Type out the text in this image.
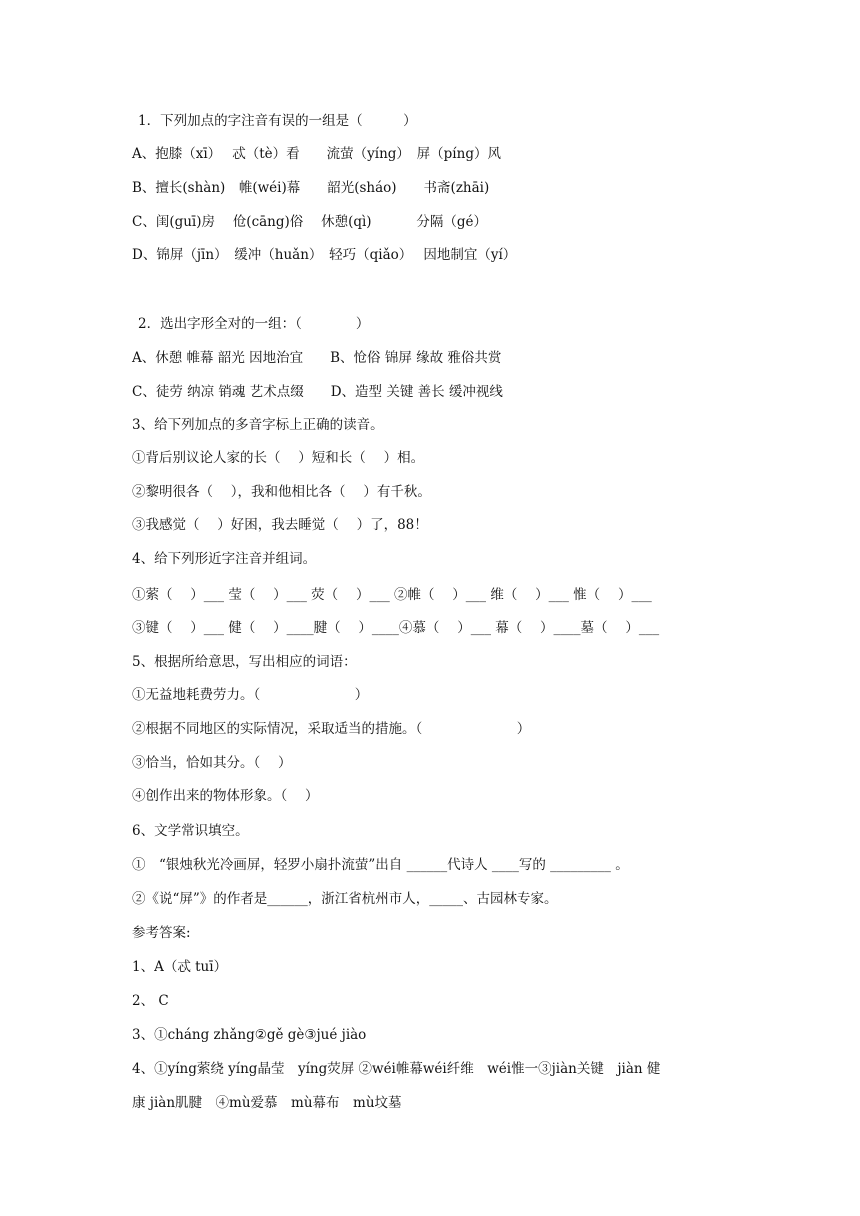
1．下列加点的字注音有误的一组是（　　　）
A、抱膝（xī）　 忒（tè）看　　流萤（yíng）　屏（píng）风
B、擅长(shàn)　帷(wéi)幕　　韶光(sháo)　　书斋(zhāi)
C、闺(guī)房　 伧(cāng)俗　 休憩(qì)　　　 分隔（gé）
D、锦屏（jīn）　缓冲（huǎn）　轻巧（qiǎo）　 因地制宜（yí）
2．选出字形全对的一组：（　　　　）
A、休憩 帷幕 韶光 因地治宜　　B、怆俗 锦屏 缘故 雅俗共赏
C、徒劳 纳凉 销魂 艺术点缀　　D、造型 关键 善长 缓冲视线
3、给下列加点的多音字标上正确的读音。
①背后别议论人家的长（　 ）短和长（　 ）相。
②黎明很各（　 ），我和他相比各（　 ）有千秋。
③我感觉（　 ）好困，我去睡觉（　 ）了，88！
4、给下列形近字注音并组词。
①萦（　 ）___ 莹（　 ）___ 荧（　 ）___ ②帷（　 ）___ 维（　 ）___ 惟（　 ）___
③键（　 ）___ 健（　 ）____腱（　 ）____④慕（　 ）___ 幕（　 ）____墓（　 ）___
5、根据所给意思，写出相应的词语：
①无益地耗费劳力。（　　　　　　　）
②根据不同地区的实际情况，采取适当的措施。（　　　　　　　）
③恰当，恰如其分。（　 ）
④创作出来的物体形象。（　 ）
6、文学常识填空。
①　“银烛秋光冷画屏，轻罗小扇扑流萤”出自 ______代诗人 ____写的 _________ 。
②《说“屏”》的作者是______，浙江省杭州市人，_____、古园林专家。
参考答案:
1、A（忒 tuī）
2、 C
3、①cháng zhǎng②gě gè③jué jiào
4、①yíng萦绕 yíng晶莹　yíng荧屏 ②wéi帷幕wéi纤维　wéi惟一③jiàn关键　jiàn 健
康 jiàn肌腱　④mù爱慕　mù幕布　mù坟墓
